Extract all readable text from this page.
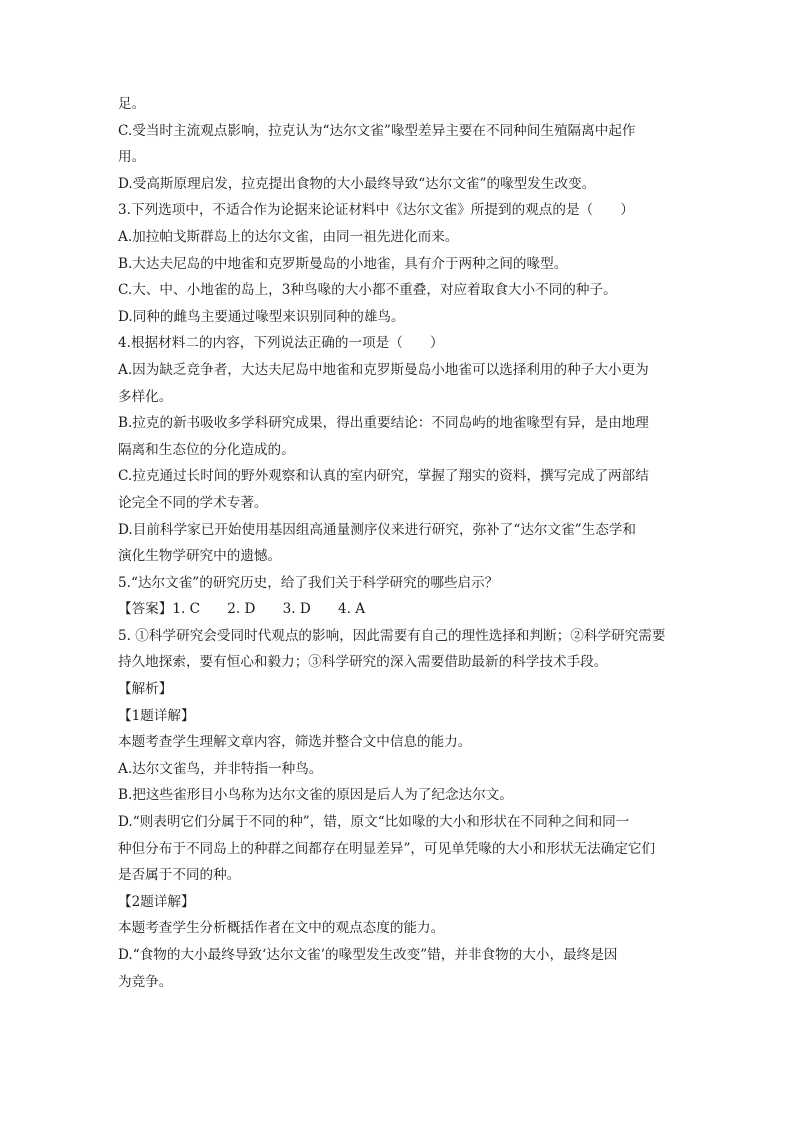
足。
C.受当时主流观点影响，拉克认为“达尔文雀”喙型差异主要在不同种间生殖隔离中起作
用。
D.受高斯原理启发，拉克提出食物的大小最终导致“达尔文雀”的喙型发生改变。
3.下列选项中，不适合作为论据来论证材料中《达尔文雀》所提到的观点的是（　　）
A.加拉帕戈斯群岛上的达尔文雀，由同一祖先进化而来。
B.大达夫尼岛的中地雀和克罗斯曼岛的小地雀，具有介于两种之间的喙型。
C.大、中、小地雀的岛上，3种鸟喙的大小都不重叠，对应着取食大小不同的种子。
D.同种的雌鸟主要通过喙型来识别同种的雄鸟。
4.根据材料二的内容，下列说法正确的一项是（　　）
A.因为缺乏竞争者，大达夫尼岛中地雀和克罗斯曼岛小地雀可以选择利用的种子大小更为
多样化。
B.拉克的新书吸收多学科研究成果，得出重要结论：不同岛屿的地雀喙型有异，是由地理
隔离和生态位的分化造成的。
C.拉克通过长时间的野外观察和认真的室内研究，掌握了翔实的资料，撰写完成了两部结
论完全不同的学术专著。
D.目前科学家已开始使用基因组高通量测序仪来进行研究，弥补了“达尔文雀”生态学和
演化生物学研究中的遗憾。
5.“达尔文雀”的研究历史，给了我们关于科学研究的哪些启示？
【答案】1. C　　2. D　　3. D　　4. A
5. ①科学研究会受同时代观点的影响，因此需要有自己的理性选择和判断；②科学研究需要
持久地探索，要有恒心和毅力；③科学研究的深入需要借助最新的科学技术手段。
【解析】
【1题详解】
本题考查学生理解文章内容，筛选并整合文中信息的能力。
A.达尔文雀鸟，并非特指一种鸟。
B.把这些雀形目小鸟称为达尔文雀的原因是后人为了纪念达尔文。
D.“则表明它们分属于不同的种”，错，原文“比如喙的大小和形状在不同种之间和同一
种但分布于不同岛上的种群之间都存在明显差异”，可见单凭喙的大小和形状无法确定它们
是否属于不同的种。
【2题详解】
本题考查学生分析概括作者在文中的观点态度的能力。
D.“食物的大小最终导致‘达尔文雀’的喙型发生改变”错，并非食物的大小，最终是因
为竞争。
